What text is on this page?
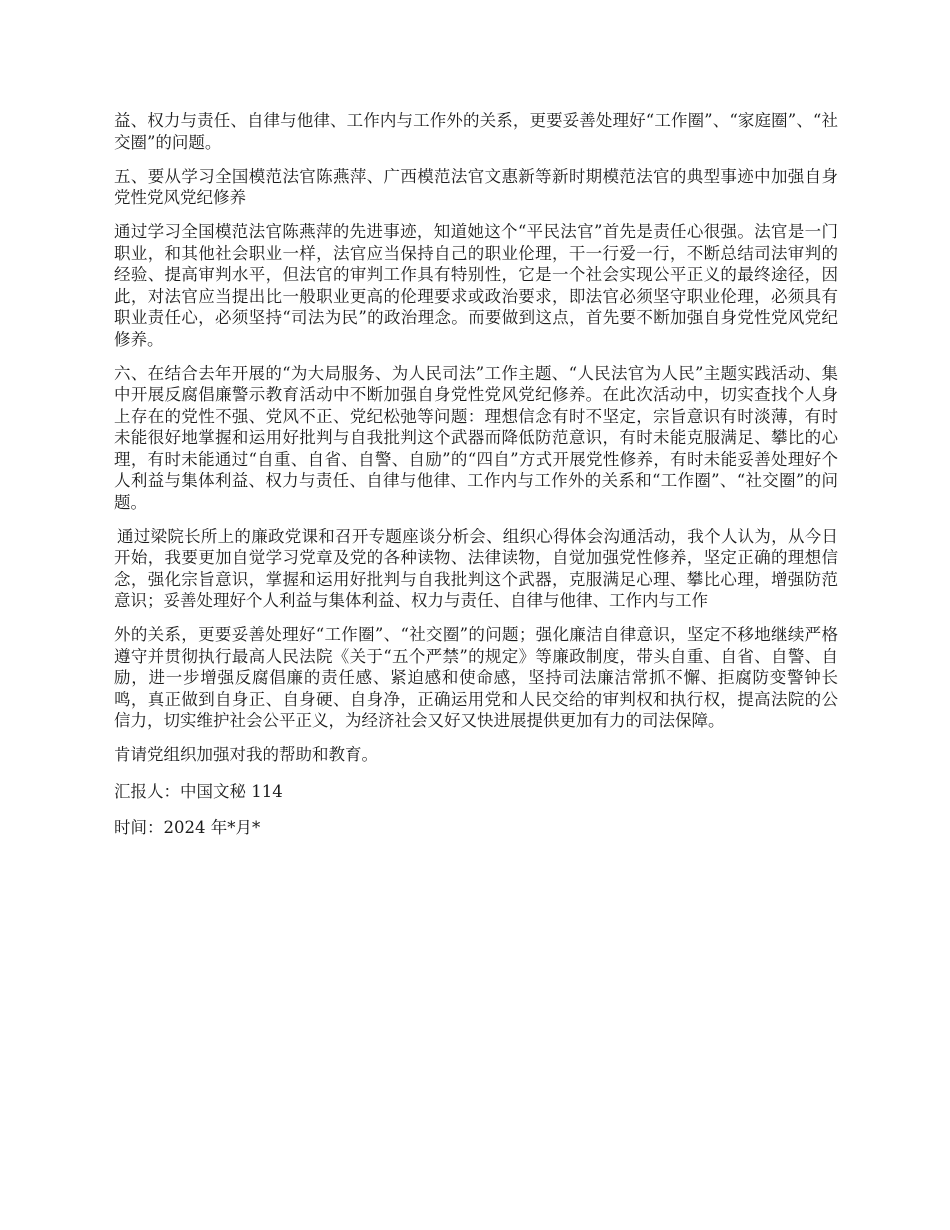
益、权力与责任、自律与他律、工作内与工作外的关系，更要妥善处理好“工作圈”、“家庭圈”、“社交圈”的问题。

五、要从学习全国模范法官陈燕萍、广西模范法官文惠新等新时期模范法官的典型事迹中加强自身党性党风党纪修养

通过学习全国模范法官陈燕萍的先进事迹，知道她这个“平民法官”首先是责任心很强。法官是一门职业，和其他社会职业一样，法官应当保持自己的职业伦理，干一行爱一行，不断总结司法审判的经验、提高审判水平，但法官的审判工作具有特别性，它是一个社会实现公平正义的最终途径，因此，对法官应当提出比一般职业更高的伦理要求或政治要求，即法官必须坚守职业伦理，必须具有职业责任心，必须坚持“司法为民”的政治理念。而要做到这点，首先要不断加强自身党性党风党纪修养。

六、在结合去年开展的“为大局服务、为人民司法”工作主题、“人民法官为人民”主题实践活动、集中开展反腐倡廉警示教育活动中不断加强自身党性党风党纪修养。在此次活动中，切实查找个人身上存在的党性不强、党风不正、党纪松弛等问题：理想信念有时不坚定，宗旨意识有时淡薄，有时未能很好地掌握和运用好批判与自我批判这个武器而降低防范意识，有时未能克服满足、攀比的心理，有时未能通过“自重、自省、自警、自励”的“四自”方式开展党性修养，有时未能妥善处理好个人利益与集体利益、权力与责任、自律与他律、工作内与工作外的关系和“工作圈”、“社交圈”的问题。

通过梁院长所上的廉政党课和召开专题座谈分析会、组织心得体会沟通活动，我个人认为，从今日开始，我要更加自觉学习党章及党的各种读物、法律读物，自觉加强党性修养，坚定正确的理想信念，强化宗旨意识，掌握和运用好批判与自我批判这个武器，克服满足心理、攀比心理，增强防范意识；妥善处理好个人利益与集体利益、权力与责任、自律与他律、工作内与工作

外的关系，更要妥善处理好“工作圈”、“社交圈”的问题；强化廉洁自律意识，坚定不移地继续严格遵守并贯彻执行最高人民法院《关于“五个严禁”的规定》等廉政制度，带头自重、自省、自警、自励，进一步增强反腐倡廉的责任感、紧迫感和使命感，坚持司法廉洁常抓不懈、拒腐防变警钟长鸣，真正做到自身正、自身硬、自身净，正确运用党和人民交给的审判权和执行权，提高法院的公信力，切实维护社会公平正义，为经济社会又好又快进展提供更加有力的司法保障。

肯请党组织加强对我的帮助和教育。

汇报人：中国文秘 114

时间：2024 年*月*
